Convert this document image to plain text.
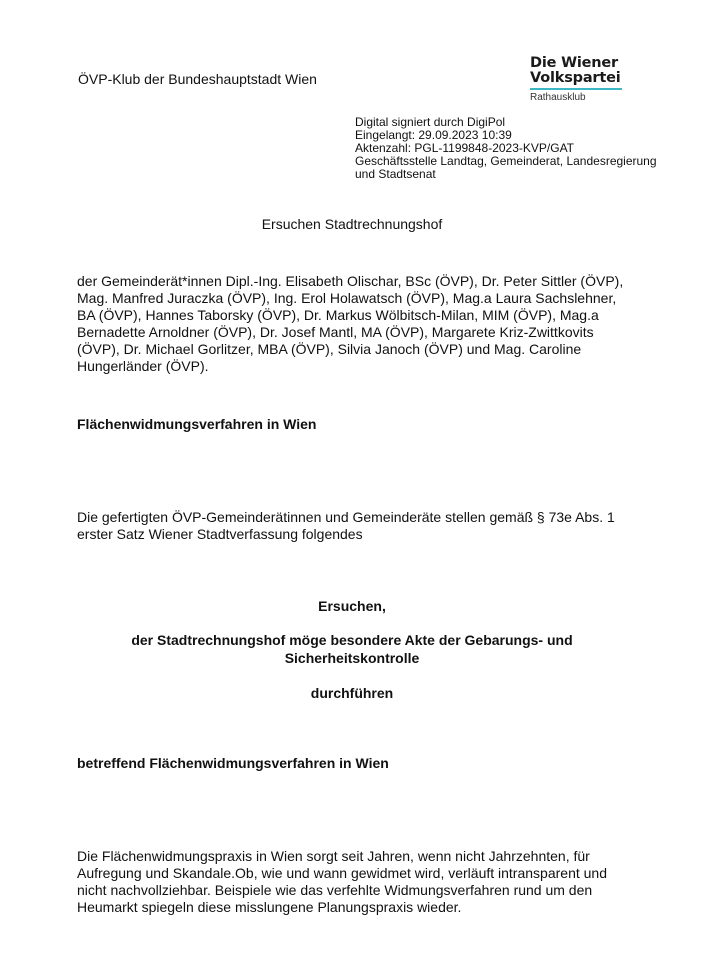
ÖVP-Klub der Bundeshauptstadt Wien
Die Wiener
Volkspartei
Rathausklub
Digital signiert durch DigiPol
Eingelangt: 29.09.2023 10:39
Aktenzahl: PGL-1199848-2023-KVP/GAT
Geschäftsstelle Landtag, Gemeinderat, Landesregierung
und Stadtsenat
Ersuchen Stadtrechnungshof
der Gemeinderät*innen Dipl.-Ing. Elisabeth Olischar, BSc (ÖVP), Dr. Peter Sittler (ÖVP), Mag. Manfred Juraczka (ÖVP), Ing. Erol Holawatsch (ÖVP), Mag.a Laura Sachslehner, BA (ÖVP), Hannes Taborsky (ÖVP), Dr. Markus Wölbitsch-Milan, MIM (ÖVP), Mag.a Bernadette Arnoldner (ÖVP), Dr. Josef Mantl, MA (ÖVP), Margarete Kriz-Zwittkovits (ÖVP), Dr. Michael Gorlitzer, MBA (ÖVP), Silvia Janoch (ÖVP) und Mag. Caroline Hungerländer (ÖVP).
Flächenwidmungsverfahren in Wien
Die gefertigten ÖVP-Gemeinderätinnen und Gemeinderäte stellen gemäß § 73e Abs. 1 erster Satz Wiener Stadtverfassung folgendes
Ersuchen,
der Stadtrechnungshof möge besondere Akte der Gebarungs- und
Sicherheitskontrolle
durchführen
betreffend Flächenwidmungsverfahren in Wien
Die Flächenwidmungspraxis in Wien sorgt seit Jahren, wenn nicht Jahrzehnten, für Aufregung und Skandale.Ob, wie und wann gewidmet wird, verläuft intransparent und nicht nachvollziehbar. Beispiele wie das verfehlte Widmungsverfahren rund um den Heumarkt spiegeln diese misslungene Planungspraxis wieder.
